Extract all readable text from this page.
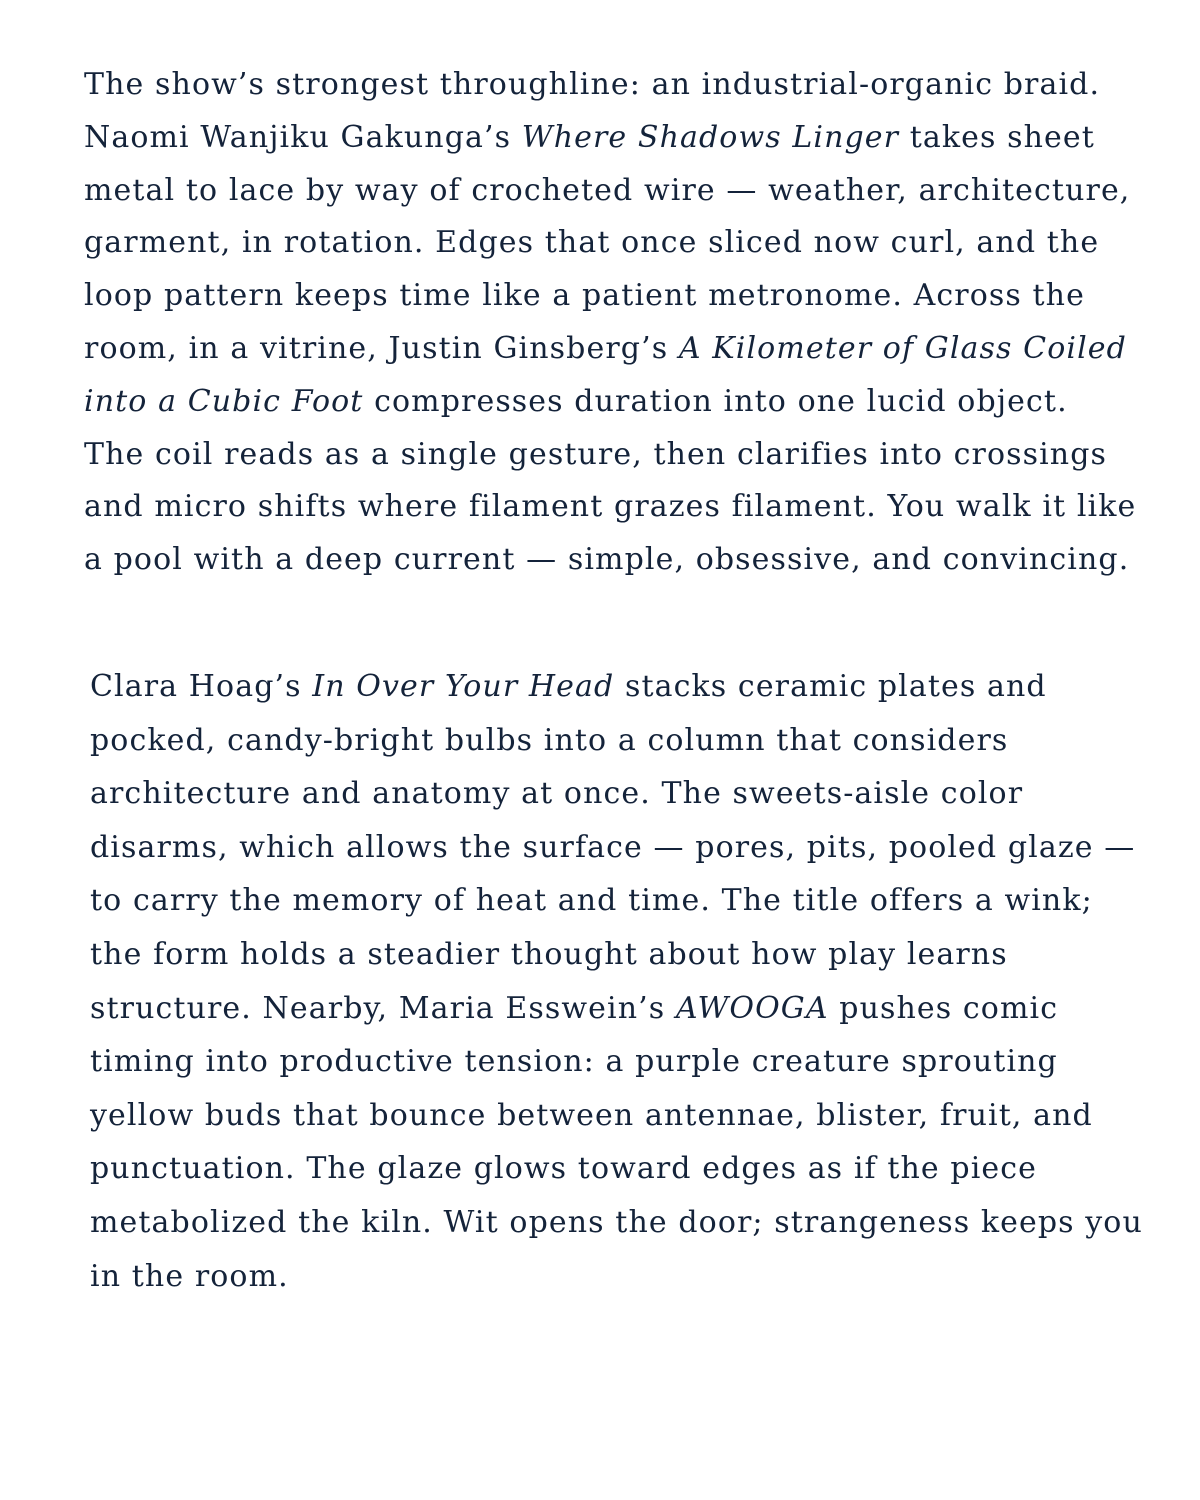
The show’s strongest throughline: an industrial-organic braid.
Naomi Wanjiku Gakunga’s Where Shadows Linger takes sheet
metal to lace by way of crocheted wire — weather, architecture,
garment, in rotation. Edges that once sliced now curl, and the
loop pattern keeps time like a patient metronome. Across the
room, in a vitrine, Justin Ginsberg’s A Kilometer of Glass Coiled
into a Cubic Foot compresses duration into one lucid object.
The coil reads as a single gesture, then clarifies into crossings
and micro shifts where filament grazes filament. You walk it like
a pool with a deep current — simple, obsessive, and convincing.

Clara Hoag’s In Over Your Head stacks ceramic plates and
pocked, candy-bright bulbs into a column that considers
architecture and anatomy at once. The sweets-aisle color
disarms, which allows the surface — pores, pits, pooled glaze —
to carry the memory of heat and time. The title offers a wink;
the form holds a steadier thought about how play learns
structure. Nearby, Maria Esswein’s AWOOGA pushes comic
timing into productive tension: a purple creature sprouting
yellow buds that bounce between antennae, blister, fruit, and
punctuation. The glaze glows toward edges as if the piece
metabolized the kiln. Wit opens the door; strangeness keeps you
in the room.
